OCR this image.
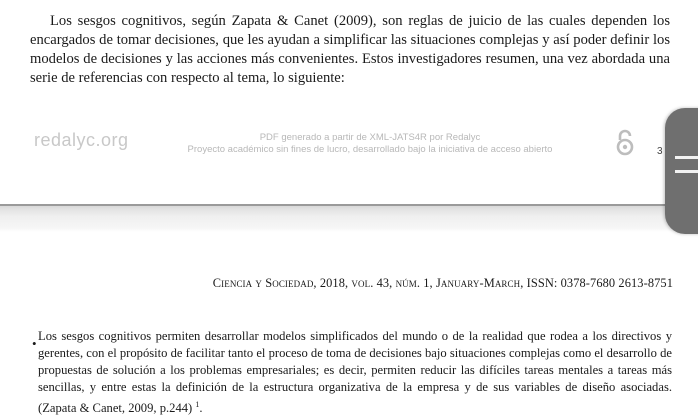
Los sesgos cognitivos, según Zapata & Canet (2009), son reglas de juicio de las cuales dependen los encargados de tomar decisiones, que les ayudan a simplificar las situaciones complejas y así poder definir los modelos de decisiones y las acciones más convenientes. Estos investigadores resumen, una vez abordada una serie de referencias con respecto al tema, lo siguiente:

redalyc.org	PDF generado a partir de XML-JATS4R por Redalyc
Proyecto académico sin fines de lucro, desarrollado bajo la iniciativa de acceso abierto	3
Ciencia y Sociedad, 2018, vol. 43, núm. 1, January-March, ISSN: 0378-7680 2613-8751
• Los sesgos cognitivos permiten desarrollar modelos simplificados del mundo o de la realidad que rodea a los directivos y gerentes, con el propósito de facilitar tanto el proceso de toma de decisiones bajo situaciones complejas como el desarrollo de propuestas de solución a los problemas empresariales; es decir, permiten reducir las difíciles tareas mentales a tareas más sencillas, y entre estas la definición de la estructura organizativa de la empresa y de sus variables de diseño asociadas. (Zapata & Canet, 2009, p.244) $^1$.
